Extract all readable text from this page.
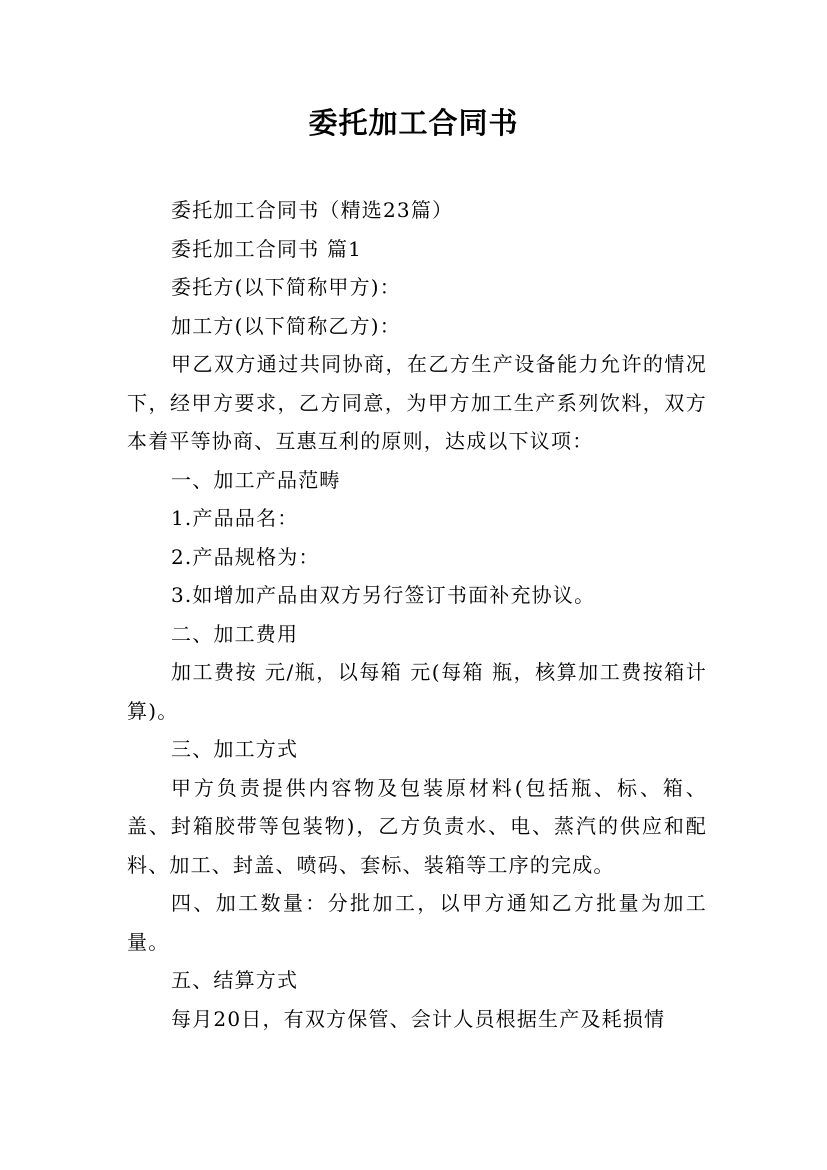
委托加工合同书

委托加工合同书（精选23篇）

委托加工合同书 篇1

委托方(以下简称甲方)：

加工方(以下简称乙方)：

甲乙双方通过共同协商，在乙方生产设备能力允许的情况下，经甲方要求，乙方同意，为甲方加工生产系列饮料，双方本着平等协商、互惠互利的原则，达成以下议项：

一、加工产品范畴

1.产品品名：

2.产品规格为：

3.如增加产品由双方另行签订书面补充协议。

二、加工费用

加工费按 元/瓶，以每箱 元(每箱 瓶，核算加工费按箱计算)。

三、加工方式

甲方负责提供内容物及包装原材料(包括瓶、标、箱、盖、封箱胶带等包装物)，乙方负责水、电、蒸汽的供应和配料、加工、封盖、喷码、套标、装箱等工序的完成。

四、加工数量：分批加工，以甲方通知乙方批量为加工量。

五、结算方式

每月20日，有双方保管、会计人员根据生产及耗损情
